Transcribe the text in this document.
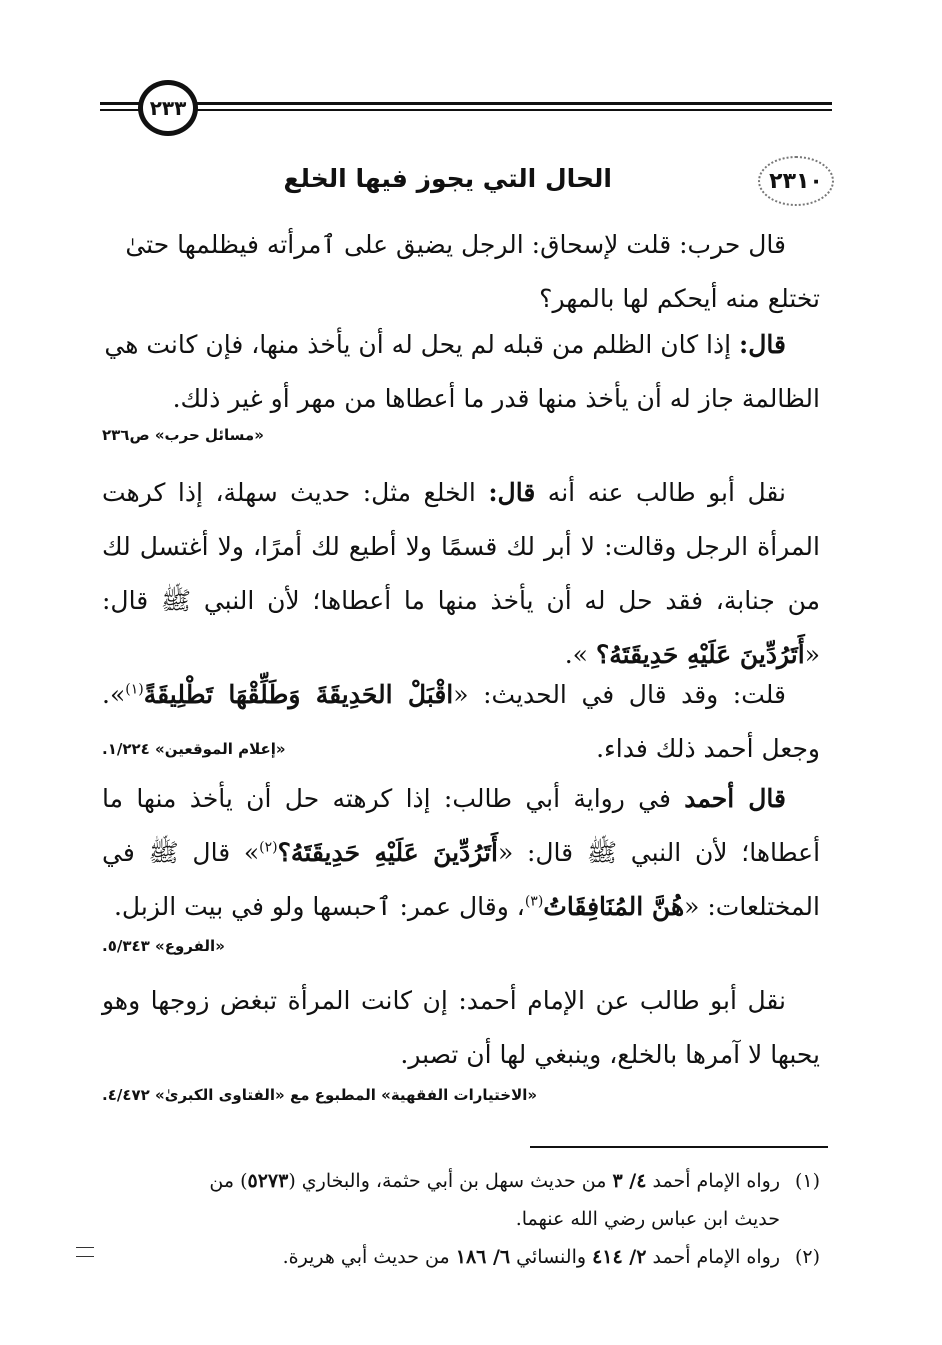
٢٣٣
٢٣١٠
الحال التي يجوز فيها الخلع

قال حرب: قلت لإسحاق: الرجل يضيق على ٱمرأته فيظلمها حتىٰ
تختلع منه أيحكم لها بالمهر؟

قال: إذا كان الظلم من قبله لم يحل له أن يأخذ منها، فإن كانت هي
الظالمة جاز له أن يأخذ منها قدر ما أعطاها من مهر أو غير ذلك.

«مسائل حرب» ص٢٣٦

نقل أبو طالب عنه أنه قال: الخلع مثل: حديث سهلة، إذا كرهت المرأة الرجل وقالت: لا أبر لك قسمًا ولا أطيع لك أمرًا، ولا أغتسل لك من جنابة، فقد حل له أن يأخذ منها ما أعطاها؛ لأن النبي ﷺ قال: «أَتَرُدِّينَ عَلَيْهِ حَدِيقَتَهُ؟ ».

قلت: وقد قال في الحديث: «اقْبَلْ الحَدِيقَةَ وَطَلِّقْهَا تَطْلِيقَةً$^{(١)}$». وجعل أحمد ذلك فداء.

«إعلام الموقعين» ١/٢٢٤.

قال أحمد في رواية أبي طالب: إذا كرهته حل أن يأخذ منها ما أعطاها؛ لأن النبي ﷺ قال: «أَتَرُدِّينَ عَلَيْهِ حَدِيقَتَهُ؟$^{(٢)}$» قال ﷺ في المختلعات: «هُنَّ المُنَافِقَاتُ$^{(٣)}$، وقال عمر: ٱحبسها ولو في بيت الزبل.

«الفروع» ٥/٣٤٣.

نقل أبو طالب عن الإمام أحمد: إن كانت المرأة تبغض زوجها وهو يحبها لا آمرها بالخلع، وينبغي لها أن تصبر.

«الاختيارات الفقهية» المطبوع مع «الفتاوى الكبرىٰ» ٤/٤٧٢.

(١)رواه الإمام أحمد ٤/ ٣ من حديث سهل بن أبي حثمة، والبخاري (٥٢٧٣) من
حديث ابن عباس رضي الله عنهما.

(٢)رواه الإمام أحمد ٢/ ٤١٤ والنسائي ٦/ ١٨٦ من حديث أبي هريرة.
